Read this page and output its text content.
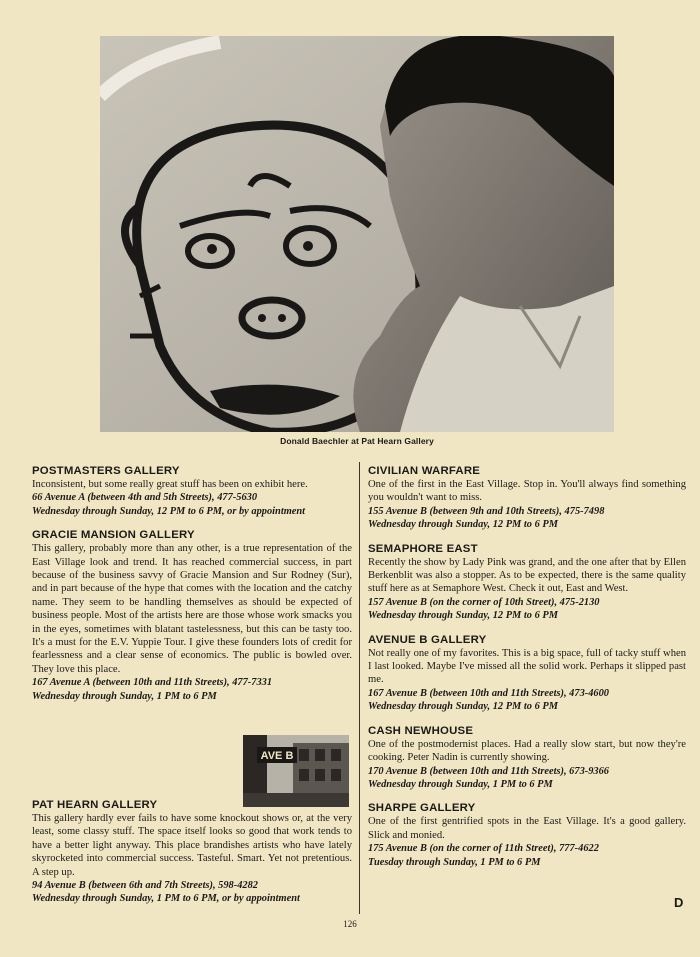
Donald Baechler at Pat Hearn Gallery
POSTMASTERS GALLERY

Inconsistent, but some really great stuff has been on exhibit here.

66 Avenue A (between 4th and 5th Streets), 477-5630
Wednesday through Sunday, 12 PM to 6 PM, or by appointment
GRACIE MANSION GALLERY

This gallery, probably more than any other, is a true representation of the East Village look and trend. It has reached commercial success, in part because of the business savvy of Gracie Mansion and Sur Rodney (Sur), and in part because of the hype that comes with the location and the catchy name. They seem to be handling themselves as should be expected of business people. Most of the artists here are those whose work smacks you in the eyes, sometimes with blatant tastelessness, but this can be tasty too. It's a must for the E.V. Yuppie Tour. I give these founders lots of credit for fearlessness and a clear sense of economics. The public is bowled over. They love this place.

167 Avenue A (between 10th and 11th Streets), 477-7331
Wednesday through Sunday, 1 PM to 6 PM
AVE B
PAT HEARN GALLERY

This gallery hardly ever fails to have some knockout shows or, at the very least, some classy stuff. The space itself looks so good that work tends to have a better light anyway. This place brandishes artists who have lately skyrocketed into commercial success. Tasteful. Smart. Yet not pretentious. A step up.

94 Avenue B (between 6th and 7th Streets), 598-4282
Wednesday through Sunday, 1 PM to 6 PM, or by appointment
CIVILIAN WARFARE

One of the first in the East Village. Stop in. You'll always find something you wouldn't want to miss.

155 Avenue B (between 9th and 10th Streets), 475-7498
Wednesday through Sunday, 12 PM to 6 PM
SEMAPHORE EAST

Recently the show by Lady Pink was grand, and the one after that by Ellen Berkenblit was also a stopper. As to be expected, there is the same quality stuff here as at Semaphore West. Check it out, East and West.

157 Avenue B (on the corner of 10th Street), 475-2130
Wednesday through Sunday, 12 PM to 6 PM
AVENUE B GALLERY

Not really one of my favorites. This is a big space, full of tacky stuff when I last looked. Maybe I've missed all the solid work. Perhaps it slipped past me.

167 Avenue B (between 10th and 11th Streets), 473-4600
Wednesday through Sunday, 12 PM to 6 PM
CASH NEWHOUSE

One of the postmodernist places. Had a really slow start, but now they're cooking. Peter Nadin is currently showing.

170 Avenue B (between 10th and 11th Streets), 673-9366
Wednesday through Sunday, 1 PM to 6 PM
SHARPE GALLERY

One of the first gentrified spots in the East Village. It's a good gallery. Slick and monied.

175 Avenue B (on the corner of 11th Street), 777-4622
Tuesday through Sunday, 1 PM to 6 PM
D
126
